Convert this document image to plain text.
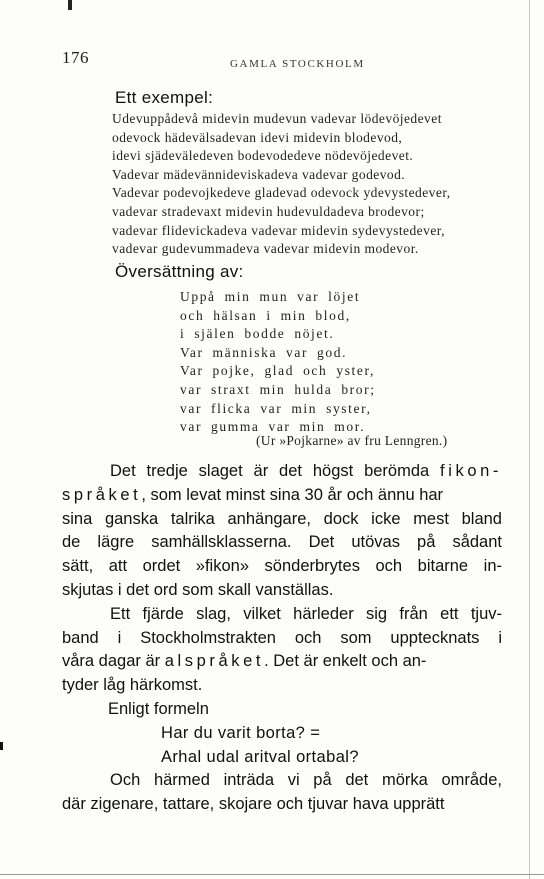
176	GAMLA STOCKHOLM
Ett exempel:
Udevuppådevå midevin mudevun vadevar lödevöjedevet
odevock hädevälsadevan idevi midevin blodevod,
idevi sjädeväledeven bodevodedeve nödevöjedevet.
Vadevar mädevännideviskadeva vadevar godevod.
Vadevar podevojkedeve gladevad odevock ydevystedever,
vadevar stradevaxt midevin hudevuldadeva brodevor;
vadevar flidevickadeva vadevar midevin sydevystedever,
vadevar gudevummadeva vadevar midevin modevor.
Översättning av:
Uppå min mun var löjet
och hälsan i min blod,
i själen bodde nöjet.
Var människa var god.
Var pojke, glad och yster,
var straxt min hulda bror;
var flicka var min syster,
var gumma var min mor.
(Ur »Pojkarne» av fru Lenngren.)
Det tredje slaget är det högst berömda fikon-
språket, som levat minst sina 30 år och ännu har
sina ganska talrika anhängare, dock icke mest bland
de lägre samhällsklasserna. Det utövas på sådant
sätt, att ordet »fikon» sönderbrytes och bitarne in-
skjutas i det ord som skall vanställas.
Ett fjärde slag, vilket härleder sig från ett tjuv-
band i Stockholmstrakten och som upptecknats i
våra dagar är alspråket. Det är enkelt och an-
tyder låg härkomst.
Enligt formeln
Har du varit borta? =
Arhal udal aritval ortabal?
Och härmed inträda vi på det mörka område,
där zigenare, tattare, skojare och tjuvar hava upprätt
